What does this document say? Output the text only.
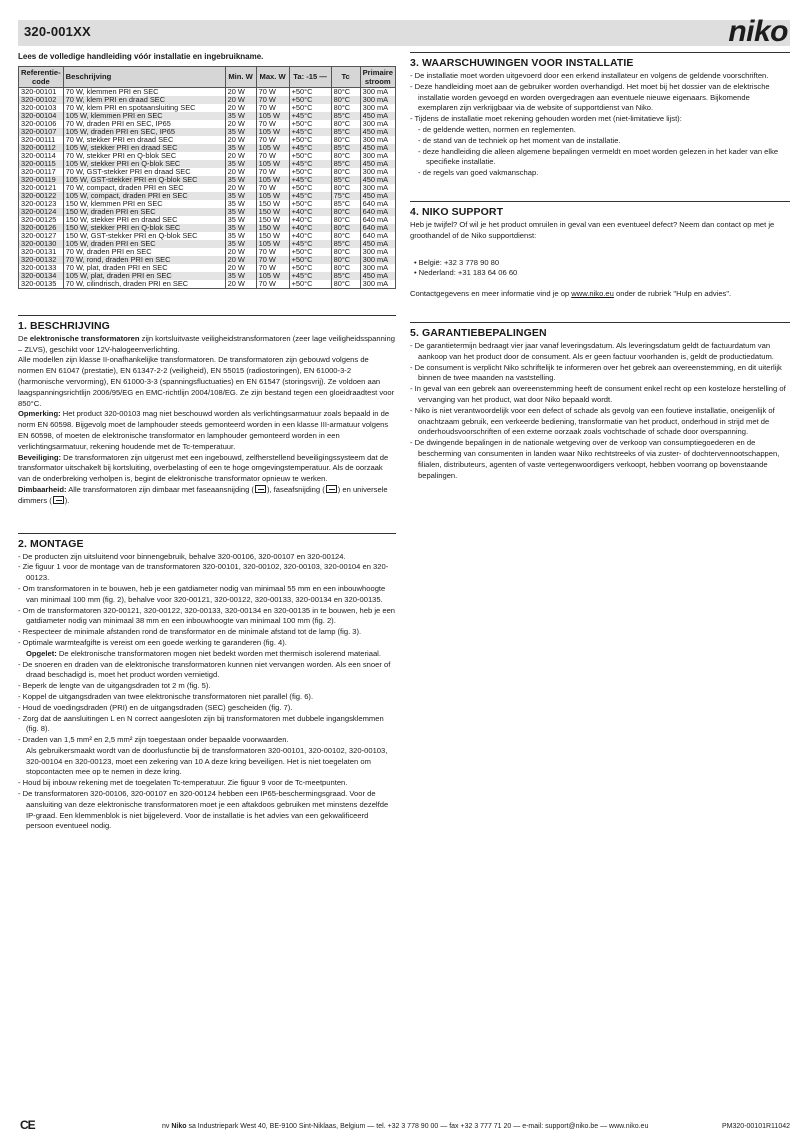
320-001XX	niko
Lees de volledige handleiding vóór installatie en ingebruikname.
Referentie-code	Beschrijving	Min. W	Max. W	Ta: -15 —	Tc	Primaire stroom
320-00101	70 W, klemmen PRI en SEC	20 W	70 W	+50°C	80°C	300 mA
320-00102	70 W, klem PRI en draad SEC	20 W	70 W	+50°C	80°C	300 mA
320-00103	70 W, klem PRI en spotaansluiting SEC	20 W	70 W	+50°C	80°C	300 mA
320-00104	105 W, klemmen PRI en SEC	35 W	105 W	+45°C	85°C	450 mA
320-00106	70 W, draden PRI en SEC, IP65	20 W	70 W	+50°C	80°C	300 mA
320-00107	105 W, draden PRI en SEC, IP65	35 W	105 W	+45°C	85°C	450 mA
320-00111	70 W, stekker PRI en draad SEC	20 W	70 W	+50°C	80°C	300 mA
320-00112	105 W, stekker PRI en draad SEC	35 W	105 W	+45°C	85°C	450 mA
320-00114	70 W, stekker PRI en Q-blok SEC	20 W	70 W	+50°C	80°C	300 mA
320-00115	105 W, stekker PRI en Q-blok SEC	35 W	105 W	+45°C	85°C	450 mA
320-00117	70 W, GST-stekker PRI en draad SEC	20 W	70 W	+50°C	80°C	300 mA
320-00119	105 W, GST-stekker PRI en Q-blok SEC	35 W	105 W	+45°C	85°C	450 mA
320-00121	70 W, compact, draden PRI en SEC	20 W	70 W	+50°C	80°C	300 mA
320-00122	105 W, compact, draden PRI en SEC	35 W	105 W	+45°C	75°C	450 mA
320-00123	150 W, klemmen PRI en SEC	35 W	150 W	+50°C	85°C	640 mA
320-00124	150 W, draden PRI en SEC	35 W	150 W	+40°C	80°C	640 mA
320-00125	150 W, stekker PRI en draad SEC	35 W	150 W	+40°C	80°C	640 mA
320-00126	150 W, stekker PRI en Q-blok SEC	35 W	150 W	+40°C	80°C	640 mA
320-00127	150 W, GST-stekker PRI en Q-blok SEC	35 W	150 W	+40°C	80°C	640 mA
320-00130	105 W, draden PRI en SEC	35 W	105 W	+45°C	85°C	450 mA
320-00131	70 W, draden PRI en SEC	20 W	70 W	+50°C	80°C	300 mA
320-00132	70 W, rond, draden PRI en SEC	20 W	70 W	+50°C	80°C	300 mA
320-00133	70 W, plat, draden PRI en SEC	20 W	70 W	+50°C	80°C	300 mA
320-00134	105 W, plat, draden PRI en SEC	35 W	105 W	+45°C	85°C	450 mA
320-00135	70 W, cilindrisch, draden PRI en SEC	20 W	70 W	+50°C	80°C	300 mA
1. BESCHRIJVING

De elektronische transformatoren zijn kortsluitvaste veiligheidstransformatoren (zeer lage veiligheidsspanning – ZLVS), geschikt voor 12V-halogeenverlichting.

Alle modellen zijn klasse II-onafhankelijke transformatoren. De transformatoren zijn gebouwd volgens de normen EN 61047 (prestatie), EN 61347-2-2 (veiligheid), EN 55015 (radiostoringen), EN 61000-3-2 (harmonische vervorming), EN 61000-3-3 (spanningsfluctuaties) en EN 61547 (storingsvrij). Ze voldoen aan laagspanningsrichtlijn 2006/95/EG en EMC-richtlijn 2004/108/EG. Ze zijn bestand tegen een gloeidraadtest voor 850°C.

Opmerking: Het product 320-00103 mag niet beschouwd worden als verlichtingsarmatuur zoals bepaald in de norm EN 60598. Bijgevolg moet de lamphouder steeds gemonteerd worden in een klasse III-armatuur volgens EN 60598, of moeten de elektronische transformator en lamphouder gemonteerd worden in een verlichtingsarmatuur, rekening houdende met de Tc-temperatuur.

Beveiliging: De transformatoren zijn uitgerust met een ingebouwd, zelfherstellend beveiligingssysteem dat de transformator uitschakelt bij kortsluiting, overbelasting of een te hoge omgevingstemperatuur. Als de oorzaak van de onderbreking verholpen is, begint de elektronische transformator opnieuw te werken.

Dimbaarheid: Alle transformatoren zijn dimbaar met faseaansnijding ( ), faseafsnijding ( ) en universele dimmers ( ).

2. MONTAGE
- De producten zijn uitsluitend voor binnengebruik, behalve 320-00106, 320-00107 en 320-00124.
- Zie figuur 1 voor de montage van de transformatoren 320-00101, 320-00102, 320-00103, 320-00104 en 320-00123.
- Om transformatoren in te bouwen, heb je een gatdiameter nodig van minimaal 55 mm en een inbouwhoogte van minimaal 100 mm (fig. 2), behalve voor 320-00121, 320-00122, 320-00133, 320-00134 en 320-00135.
- Om de transformatoren 320-00121, 320-00122, 320-00133, 320-00134 en 320-00135 in te bouwen, heb je een gatdiameter nodig van minimaal 38 mm en een inbouwhoogte van minimaal 100 mm (fig. 2).
- Respecteer de minimale afstanden rond de transformator en de minimale afstand tot de lamp (fig. 3).
- Optimale warmteafgifte is vereist om een goede werking te garanderen (fig. 4).

Opgelet: De elektronische transformatoren mogen niet bedekt worden met thermisch isolerend materiaal.

- De snoeren en draden van de elektronische transformatoren kunnen niet vervangen worden. Als een snoer of draad beschadigd is, moet het product worden vernietigd.
- Beperk de lengte van de uitgangsdraden tot 2 m (fig. 5).
- Koppel de uitgangsdraden van twee elektronische transformatoren niet parallel (fig. 6).
- Houd de voedingsdraden (PRI) en de uitgangsdraden (SEC) gescheiden (fig. 7).
- Zorg dat de aansluitingen L en N correct aangesloten zijn bij transformatoren met dubbele ingangsklemmen (fig. 8).
- Draden van 1,5 mm² en 2,5 mm² zijn toegestaan onder bepaalde voorwaarden.

Als gebruikersmaakt wordt van de doorlusfunctie bij de transformatoren 320-00101, 320-00102, 320-00103, 320-00104 en 320-00123, moet een zekering van 10 A deze kring beveiligen. Het is niet toegelaten om stopcontacten mee op te nemen in deze kring.

- Houd bij inbouw rekening met de toegelaten Tc-temperatuur. Zie figuur 9 voor de Tc-meetpunten.
- De transformatoren 320-00106, 320-00107 en 320-00124 hebben een IP65-beschermingsgraad. Voor de aansluiting van deze elektronische transformatoren moet je een aftakdoos gebruiken met minstens dezelfde IP-graad. Een klemmenblok is niet bijgeleverd. Voor de installatie is het advies van een gekwalificeerd persoon eventueel nodig.
3. WAARSCHUWINGEN VOOR INSTALLATIE
- De installatie moet worden uitgevoerd door een erkend installateur en volgens de geldende voorschriften.
- Deze handleiding moet aan de gebruiker worden overhandigd. Het moet bij het dossier van de elektrische installatie worden gevoegd en worden overgedragen aan eventuele nieuwe eigenaars. Bijkomende exemplaren zijn verkrijgbaar via de website of supportdienst van Niko.
- Tijdens de installatie moet rekening gehouden worden met (niet-limitatieve lijst):
- de geldende wetten, normen en reglementen.
- de stand van de techniek op het moment van de installatie.
- deze handleiding die alleen algemene bepalingen vermeldt en moet worden gelezen in het kader van elke specifieke installatie.
- de regels van goed vakmanschap.
4. NIKO SUPPORT

Heb je twijfel? Of wil je het product omruilen in geval van een eventueel defect? Neem dan contact op met je groothandel of de Niko supportdienst:

• België: +32 3 778 90 80
• Nederland: +31 183 64 06 60

Contactgegevens en meer informatie vind je op www.niko.eu onder de rubriek "Hulp en advies".

5. GARANTIEBEPALINGEN
- De garantietermijn bedraagt vier jaar vanaf leveringsdatum. Als leveringsdatum geldt de factuurdatum van aankoop van het product door de consument. Als er geen factuur voorhanden is, geldt de productiedatum.
- De consument is verplicht Niko schriftelijk te informeren over het gebrek aan overeenstemming, en dit uiterlijk binnen de twee maanden na vaststelling.
- In geval van een gebrek aan overeenstemming heeft de consument enkel recht op een kosteloze herstelling of vervanging van het product, wat door Niko bepaald wordt.
- Niko is niet verantwoordelijk voor een defect of schade als gevolg van een foutieve installatie, oneigenlijk of onachtzaam gebruik, een verkeerde bediening, transformatie van het product, onderhoud in strijd met de onderhoudsvoorschriften of een externe oorzaak zoals vochtschade of schade door overspanning.
- De dwingende bepalingen in de nationale wetgeving over de verkoop van consumptiegoederen en de bescherming van consumenten in landen waar Niko rechtstreeks of via zuster- of dochtervennootschappen, filialen, distributeurs, agenten of vaste vertegenwoordigers verkoopt, hebben voorrang op bovenstaande bepalingen.
CE	nv Niko sa Industriepark West 40, BE-9100 Sint-Niklaas, Belgium — tel. +32 3 778 90 00 — fax +32 3 777 71 20 — e-mail: support@niko.be — www.niko.eu	PM320-00101R11042
